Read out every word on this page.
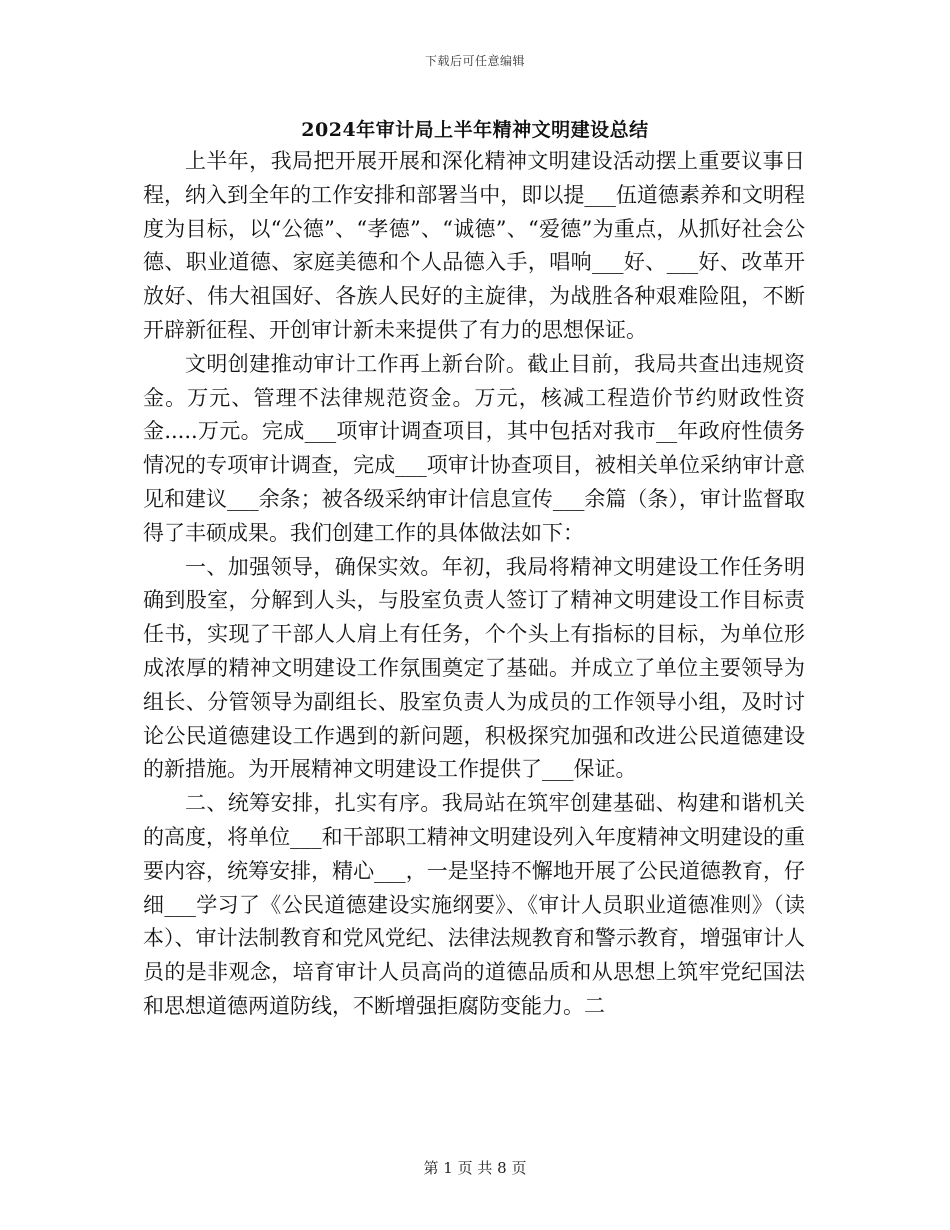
下载后可任意编辑
2024年审计局上半年精神文明建设总结

上半年，我局把开展开展和深化精神文明建设活动摆上重要议事日程，纳入到全年的工作安排和部署当中，即以提___伍道德素养和文明程度为目标，以“公德”、“孝德”、“诚德”、“爱德”为重点，从抓好社会公德、职业道德、家庭美德和个人品德入手，唱响___好、___好、改革开放好、伟大祖国好、各族人民好的主旋律，为战胜各种艰难险阻，不断开辟新征程、开创审计新未来提供了有力的思想保证。

文明创建推动审计工作再上新台阶。截止目前，我局共查出违规资金。万元、管理不法律规范资金。万元，核减工程造价节约财政性资金.....万元。完成___项审计调查项目，其中包括对我市__年政府性债务情况的专项审计调查，完成___项审计协查项目，被相关单位采纳审计意见和建议___余条；被各级采纳审计信息宣传___余篇（条），审计监督取得了丰硕成果。我们创建工作的具体做法如下：

一、加强领导，确保实效。年初，我局将精神文明建设工作任务明确到股室，分解到人头，与股室负责人签订了精神文明建设工作目标责任书，实现了干部人人肩上有任务，个个头上有指标的目标，为单位形成浓厚的精神文明建设工作氛围奠定了基础。并成立了单位主要领导为组长、分管领导为副组长、股室负责人为成员的工作领导小组，及时讨论公民道德建设工作遇到的新问题，积极探究加强和改进公民道德建设的新措施。为开展精神文明建设工作提供了___保证。

二、统筹安排，扎实有序。我局站在筑牢创建基础、构建和谐机关的高度，将单位___和干部职工精神文明建设列入年度精神文明建设的重要内容，统筹安排，精心___，一是坚持不懈地开展了公民道德教育，仔细___学习了《公民道德建设实施纲要》、《审计人员职业道德准则》（读本）、审计法制教育和党风党纪、法律法规教育和警示教育，增强审计人员的是非观念，培育审计人员高尚的道德品质和从思想上筑牢党纪国法和思想道德两道防线，不断增强拒腐防变能力。二

第 1 页 共 8 页
